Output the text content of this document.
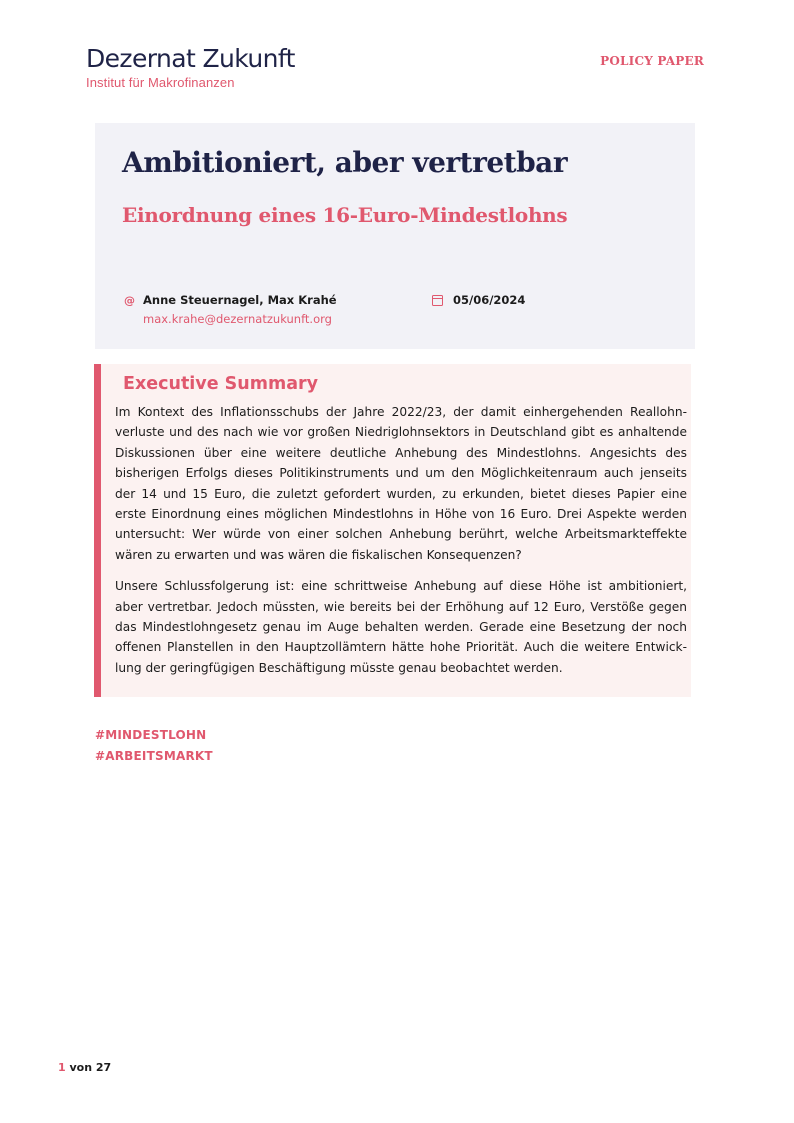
Dezernat Zukunft
Institut für Makrofinanzen
POLICY PAPER
Ambitioniert, aber vertretbar
Einordnung eines 16-Euro-Mindestlohns
@ Anne Steuernagel, Max Krahé
max.krahe@dezernatzukunft.org
05/06/2024
Executive Summary

Im Kontext des Inflationsschubs der Jahre 2022/23, der damit einhergehenden Reallohnverluste und des nach wie vor großen Niedriglohnsektors in Deutschland gibt es anhaltende Diskussionen über eine weitere deutliche Anhebung des Mindestlohns. Angesichts des bisherigen Erfolgs dieses Politikinstruments und um den Möglichkeitenraum auch jenseits der 14 und 15 Euro, die zuletzt gefordert wurden, zu erkunden, bietet dieses Papier eine erste Einordnung eines möglichen Mindestlohns in Höhe von 16 Euro. Drei Aspekte werden untersucht: Wer würde von einer solchen Anhebung berührt, welche Arbeitsmarkteffekte wären zu erwarten und was wären die fiskalischen Konsequenzen?

Unsere Schlussfolgerung ist: eine schrittweise Anhebung auf diese Höhe ist ambitioniert, aber vertretbar. Jedoch müssten, wie bereits bei der Erhöhung auf 12 Euro, Verstöße gegen das Mindestlohngesetz genau im Auge behalten werden. Gerade eine Besetzung der noch offenen Planstellen in den Hauptzollämtern hätte hohe Priorität. Auch die weitere Entwicklung der geringfügigen Beschäftigung müsste genau beobachtet werden.

#MINDESTLOHN
#ARBEITSMARKT
1 von 27
